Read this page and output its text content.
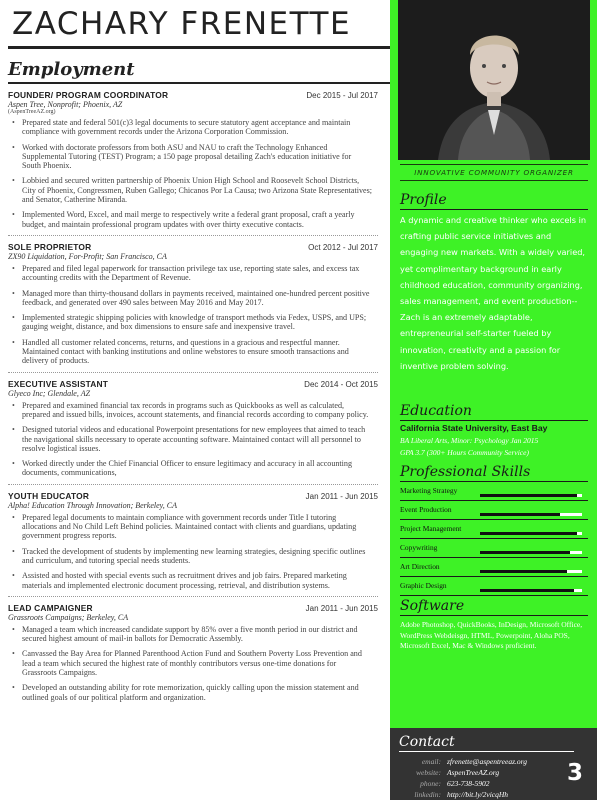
ZACHARY FRENETTE
Employment
FOUNDER/ PROGRAM COORDINATOR	Dec 2015 - Jul 2017
Aspen Tree, Nonprofit; Phoenix, AZ
(AspenTreeAZ.org)
• Prepared state and federal 501(c)3 legal documents to secure statutory agent acceptance and maintain compliance with government records under the Arizona Corporation Commission.
• Worked with doctorate professors from both ASU and NAU to craft the Technology Enhanced Supplemental Tutoring (TEST) Program; a 150 page proposal detailing Zach's education initiative for South Phoenix.
• Lobbied and secured written partnership of Phoenix Union High School and Roosevelt School Districts, City of Phoenix, Congressmen, Ruben Gallego; Chicanos Por La Causa; two Arizona State Representatives; and Senator, Catherine Miranda.
• Implemented Word, Excel, and mail merge to respectively write a federal grant proposal, craft a yearly budget, and maintain professional program updates with over thirty executive contacts.
SOLE PROPRIETOR	Oct 2012 - Jul 2017
ZX90 Liquidation, For-Profit; San Francisco, CA
• Prepared and filed legal paperwork for transaction privilege tax use, reporting state sales, and excess tax accounting credits with the Department of Revenue.
• Managed more than thirty-thousand dollars in payments received, maintained one-hundred percent positive feedback, and generated over 490 sales between May 2016 and May 2017.
• Implemented strategic shipping policies with knowledge of transport methods via Fedex, USPS, and UPS; gauging weight, distance, and box dimensions to ensure safe and inexpensive travel.
• Handled all customer related concerns, returns, and questions in a gracious and respectful manner. Maintained contact with banking institutions and online webstores to ensure smooth transactions and delivery of products.
EXECUTIVE ASSISTANT	Dec 2014 - Oct 2015
Glyeco Inc; Glendale, AZ
• Prepared and examined financial tax records in programs such as Quickbooks as well as calculated, prepared and issued bills, invoices, account statements, and financial records according to company policy.
• Designed tutorial videos and educational Powerpoint presentations for new employees that aimed to teach the navigational skills necessary to operate accounting software. Maintained contact will all personnel to resolve logistical issues.
• Worked directly under the Chief Financial Officer to ensure legitimacy and accuracy in all accounting documents, communications,
YOUTH EDUCATOR	Jan 2011 - Jun 2015
Alpha! Education Through Innovation; Berkeley, CA
• Prepared legal documents to maintain compliance with government records under Title I tutoring allocations and No Child Left Behind policies. Maintained contact with clients and guardians, updating government progress reports.
• Tracked the development of students by implementing new learning strategies, designing specific outlines and curriculum, and tutoring special needs students.
• Assisted and hosted with special events such as recruitment drives and job fairs. Prepared marketing materials and implemented electronic document processing, retrieval, and distribution systems.
LEAD CAMPAIGNER	Jan 2011 - Jun 2015
Grassroots Campaigns; Berkeley, CA
• Managed a team which increased candidate support by 85% over a five month period in our district and secured highest amount of mail-in ballots for Democratic Assembly.
• Canvassed the Bay Area for Planned Parenthood Action Fund and Southern Poverty Loss Prevention and lead a team which secured the highest rate of monthly contributors versus one-time donations for Grassroots Campaigns.
• Developed an outstanding ability for rote memorization, quickly calling upon the mission statement and outlined goals of our political platform and organization.
INNOVATIVE COMMUNITY ORGANIZER
Profile

A dynamic and creative thinker who excels in crafting public service initiatives and engaging new markets. With a widely varied, yet complimentary background in early childhood education, community organizing, sales management, and event production-- Zach is an extremely adaptable, entrepreneurial self-starter fueled by innovation, creativity and a passion for inventive problem solving.

Education
California State University, East Bay
BA Liberal Arts, Minor: Psychology Jan 2015
GPA 3.7 (300+ Hours Community Service)
Professional Skills
Marketing Strategy
Event Production
Project Management
Copywriting
Art Direction
Graphic Design
Software

Adobe Photoshop, QuickBooks, InDesign, Microsoft Office, WordPress Webdeisgn, HTML, Powerpoint, Aloha POS, Microsoft Excel, Mac & Windows proficient.

Contact
email: zfrenette@aspentreeaz.org
website: AspenTreeAZ.org
phone: 623-738-5902
linkedin: http://bit.ly/2vicqHh
3
